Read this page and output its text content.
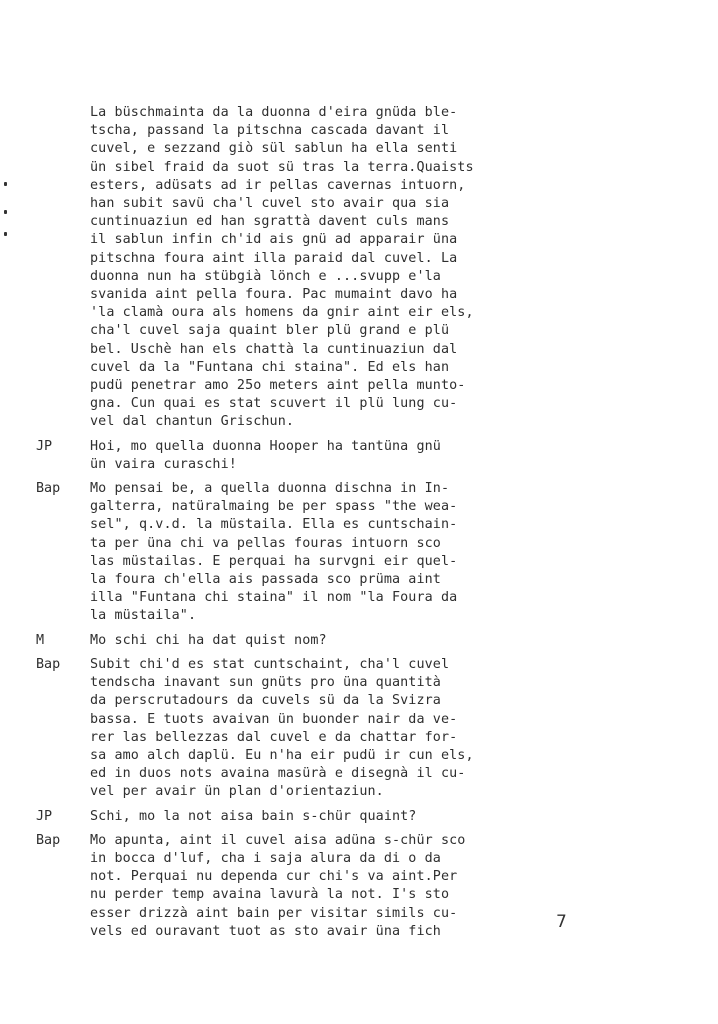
La büschmainta da la duonna d'eira gnüda ble-
tscha, passand la pitschna cascada davant il
cuvel, e sezzand giò sül sablun ha ella senti
ün sibel fraid da suot sü tras la terra.Quaists
esters, adüsats ad ir pellas cavernas intuorn,
han subit savü cha'l cuvel sto avair qua sia
cuntinuaziun ed han sgrattà davent culs mans
il sablun infin ch'id ais gnü ad apparair üna
pitschna foura aint illa paraid dal cuvel. La
duonna nun ha stübgià lönch e ...svupp e'la
svanida aint pella foura. Pac mumaint davo ha
'la clamà oura als homens da gnir aint eir els,
cha'l cuvel saja quaint bler plü grand e plü
bel. Uschè han els chattà la cuntinuaziun dal
cuvel da la "Funtana chi staina". Ed els han
pudü penetrar amo 25o meters aint pella munto-
gna. Cun quai es stat scuvert il plü lung cu-
vel dal chantun Grischun.
JP	Hoi, mo quella duonna Hooper ha tantüna gnü
ün vaira curaschi!
Bap	Mo pensai be, a quella duonna dischna in In-
galterra, natüralmaing be per spass "the wea-
sel", q.v.d. la müstaila. Ella es cuntschain-
ta per üna chi va pellas fouras intuorn sco
las müstailas. E perquai ha survgni eir quel-
la foura ch'ella ais passada sco prüma aint
illa "Funtana chi staina" il nom "la Foura da
la müstaila".
M	Mo schi chi ha dat quist nom?
Bap	Subit chi'd es stat cuntschaint, cha'l cuvel
tendscha inavant sun gnüts pro üna quantità
da perscrutadours da cuvels sü da la Svizra
bassa. E tuots avaivan ün buonder nair da ve-
rer las bellezzas dal cuvel e da chattar for-
sa amo alch daplü. Eu n'ha eir pudü ir cun els,
ed in duos nots avaina masürà e disegnà il cu-
vel per avair ün plan d'orientaziun.
JP	Schi, mo la not aisa bain s-chür quaint?
Bap	Mo apunta, aint il cuvel aisa adüna s-chür sco
in bocca d'luf, cha i saja alura da di o da
not. Perquai nu dependa cur chi's va aint.Per
nu perder temp avaina lavurà la not. I's sto
esser drizzà aint bain per visitar simils cu-
vels ed ouravant tuot as sto avair üna fich	7
